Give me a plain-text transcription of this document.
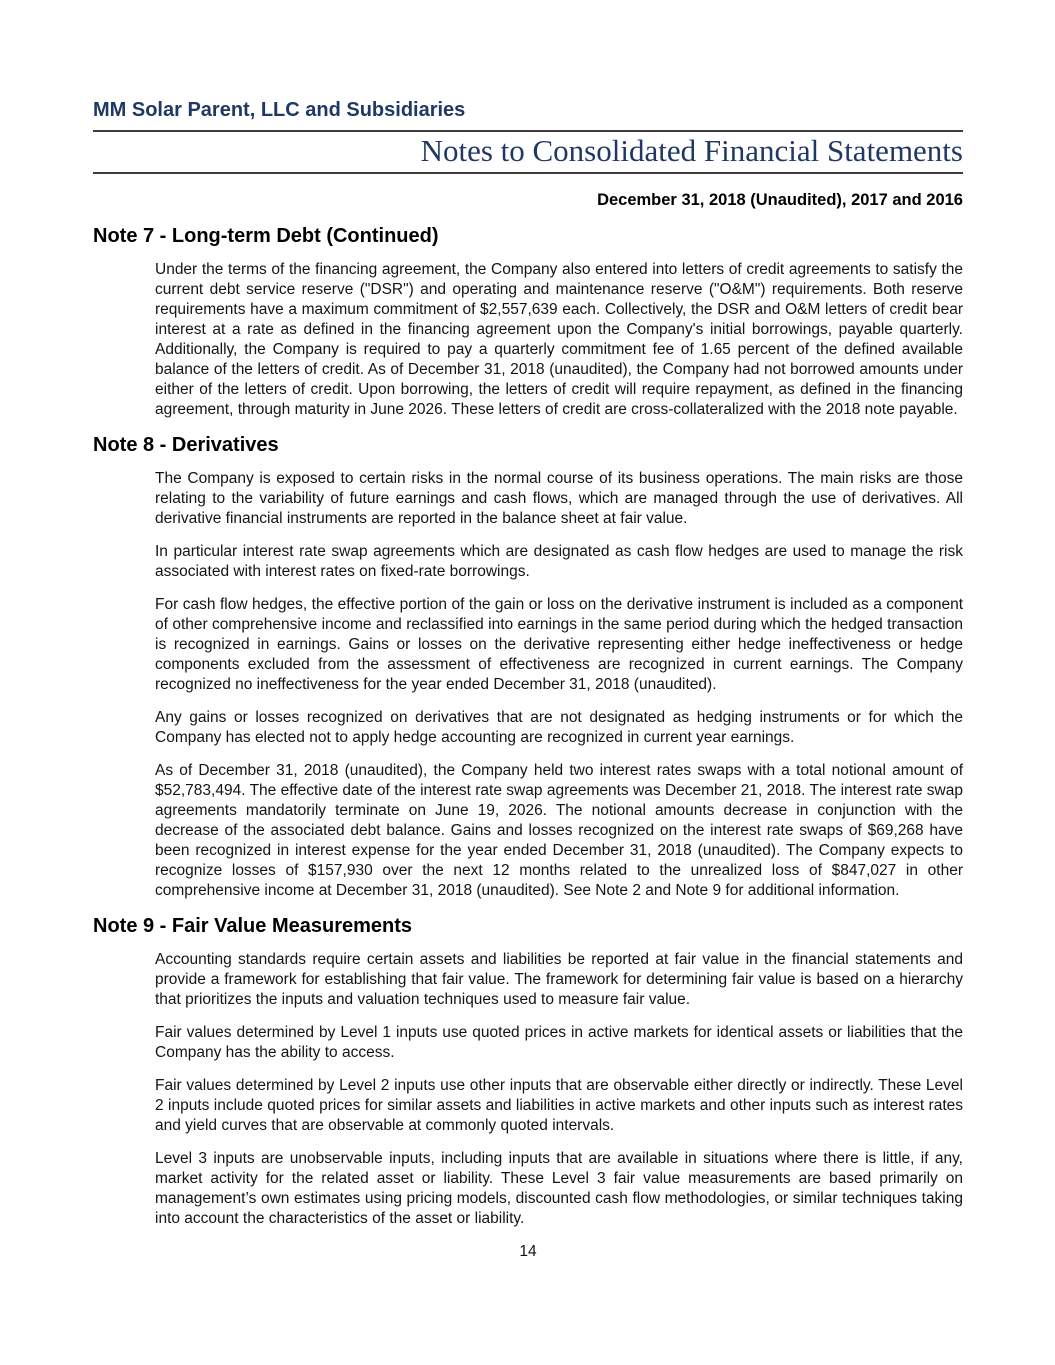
MM Solar Parent, LLC and Subsidiaries
Notes to Consolidated Financial Statements
December 31, 2018 (Unaudited), 2017 and 2016
Note 7 - Long-term Debt (Continued)

Under the terms of the financing agreement, the Company also entered into letters of credit agreements to satisfy the current debt service reserve ("DSR") and operating and maintenance reserve ("O&M") requirements. Both reserve requirements have a maximum commitment of $2,557,639 each. Collectively, the DSR and O&M letters of credit bear interest at a rate as defined in the financing agreement upon the Company's initial borrowings, payable quarterly. Additionally, the Company is required to pay a quarterly commitment fee of 1.65 percent of the defined available balance of the letters of credit. As of December 31, 2018 (unaudited), the Company had not borrowed amounts under either of the letters of credit. Upon borrowing, the letters of credit will require repayment, as defined in the financing agreement, through maturity in June 2026. These letters of credit are cross-collateralized with the 2018 note payable.

Note 8 - Derivatives

The Company is exposed to certain risks in the normal course of its business operations. The main risks are those relating to the variability of future earnings and cash flows, which are managed through the use of derivatives. All derivative financial instruments are reported in the balance sheet at fair value.

In particular interest rate swap agreements which are designated as cash flow hedges are used to manage the risk associated with interest rates on fixed-rate borrowings.

For cash flow hedges, the effective portion of the gain or loss on the derivative instrument is included as a component of other comprehensive income and reclassified into earnings in the same period during which the hedged transaction is recognized in earnings. Gains or losses on the derivative representing either hedge ineffectiveness or hedge components excluded from the assessment of effectiveness are recognized in current earnings. The Company recognized no ineffectiveness for the year ended December 31, 2018 (unaudited).

Any gains or losses recognized on derivatives that are not designated as hedging instruments or for which the Company has elected not to apply hedge accounting are recognized in current year earnings.

As of December 31, 2018 (unaudited), the Company held two interest rates swaps with a total notional amount of $52,783,494. The effective date of the interest rate swap agreements was December 21, 2018. The interest rate swap agreements mandatorily terminate on June 19, 2026. The notional amounts decrease in conjunction with the decrease of the associated debt balance. Gains and losses recognized on the interest rate swaps of $69,268 have been recognized in interest expense for the year ended December 31, 2018 (unaudited). The Company expects to recognize losses of $157,930 over the next 12 months related to the unrealized loss of $847,027 in other comprehensive income at December 31, 2018 (unaudited). See Note 2 and Note 9 for additional information.

Note 9 - Fair Value Measurements

Accounting standards require certain assets and liabilities be reported at fair value in the financial statements and provide a framework for establishing that fair value. The framework for determining fair value is based on a hierarchy that prioritizes the inputs and valuation techniques used to measure fair value.

Fair values determined by Level 1 inputs use quoted prices in active markets for identical assets or liabilities that the Company has the ability to access.

Fair values determined by Level 2 inputs use other inputs that are observable either directly or indirectly. These Level 2 inputs include quoted prices for similar assets and liabilities in active markets and other inputs such as interest rates and yield curves that are observable at commonly quoted intervals.

Level 3 inputs are unobservable inputs, including inputs that are available in situations where there is little, if any, market activity for the related asset or liability. These Level 3 fair value measurements are based primarily on management’s own estimates using pricing models, discounted cash flow methodologies, or similar techniques taking into account the characteristics of the asset or liability.

14
